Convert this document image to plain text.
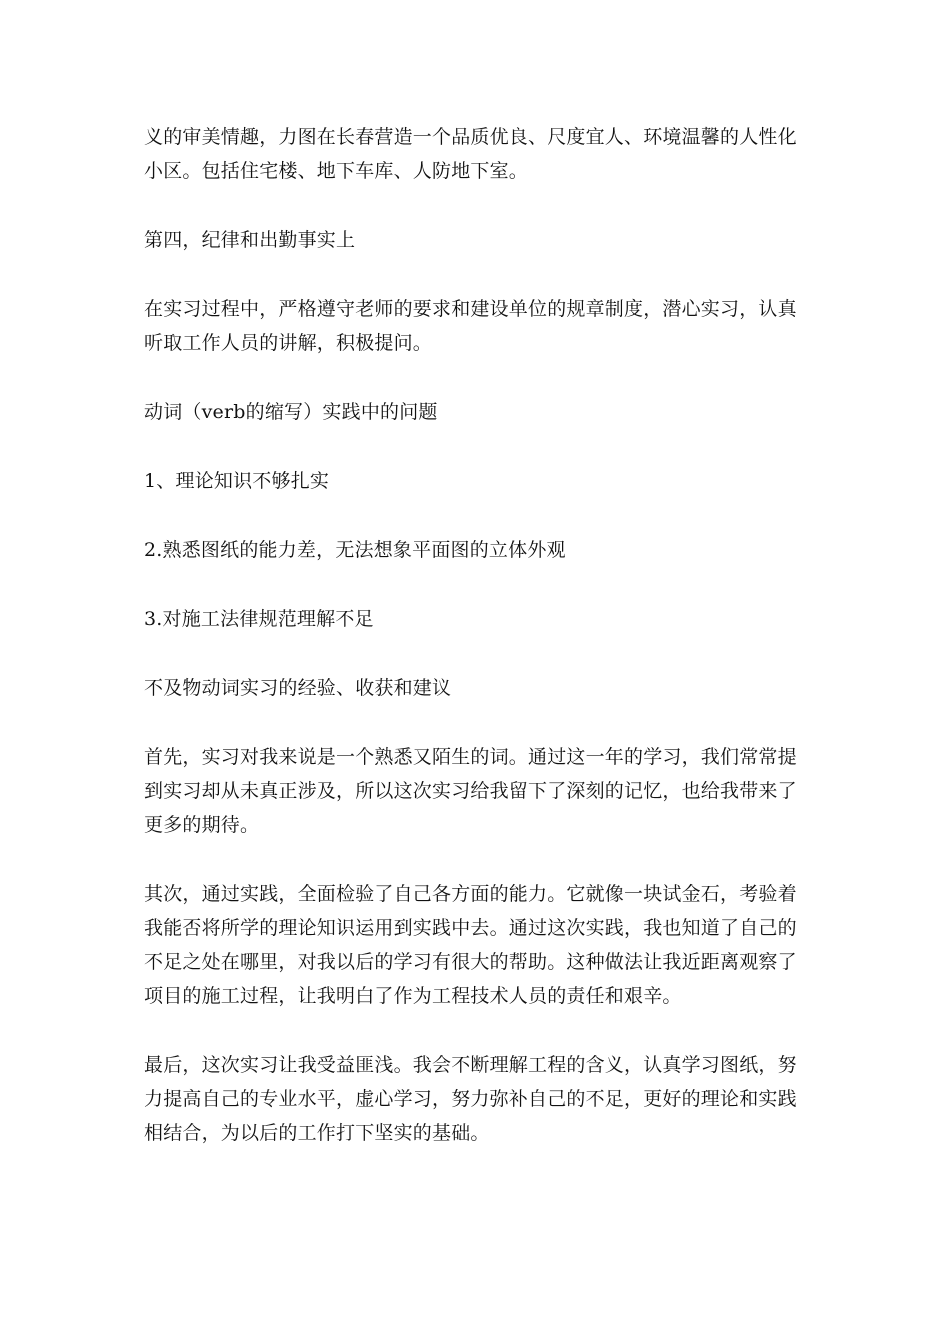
义的审美情趣，力图在长春营造一个品质优良、尺度宜人、环境温馨的人性化小区。包括住宅楼、地下车库、人防地下室。

第四，纪律和出勤事实上

在实习过程中，严格遵守老师的要求和建设单位的规章制度，潜心实习，认真听取工作人员的讲解，积极提问。

动词（verb的缩写）实践中的问题

1、理论知识不够扎实

2.熟悉图纸的能力差，无法想象平面图的立体外观

3.对施工法律规范理解不足

不及物动词实习的经验、收获和建议

首先，实习对我来说是一个熟悉又陌生的词。通过这一年的学习，我们常常提到实习却从未真正涉及，所以这次实习给我留下了深刻的记忆，也给我带来了更多的期待。

其次，通过实践，全面检验了自己各方面的能力。它就像一块试金石，考验着我能否将所学的理论知识运用到实践中去。通过这次实践，我也知道了自己的不足之处在哪里，对我以后的学习有很大的帮助。这种做法让我近距离观察了项目的施工过程，让我明白了作为工程技术人员的责任和艰辛。

最后，这次实习让我受益匪浅。我会不断理解工程的含义，认真学习图纸，努力提高自己的专业水平，虚心学习，努力弥补自己的不足，更好的理论和实践相结合，为以后的工作打下坚实的基础。
